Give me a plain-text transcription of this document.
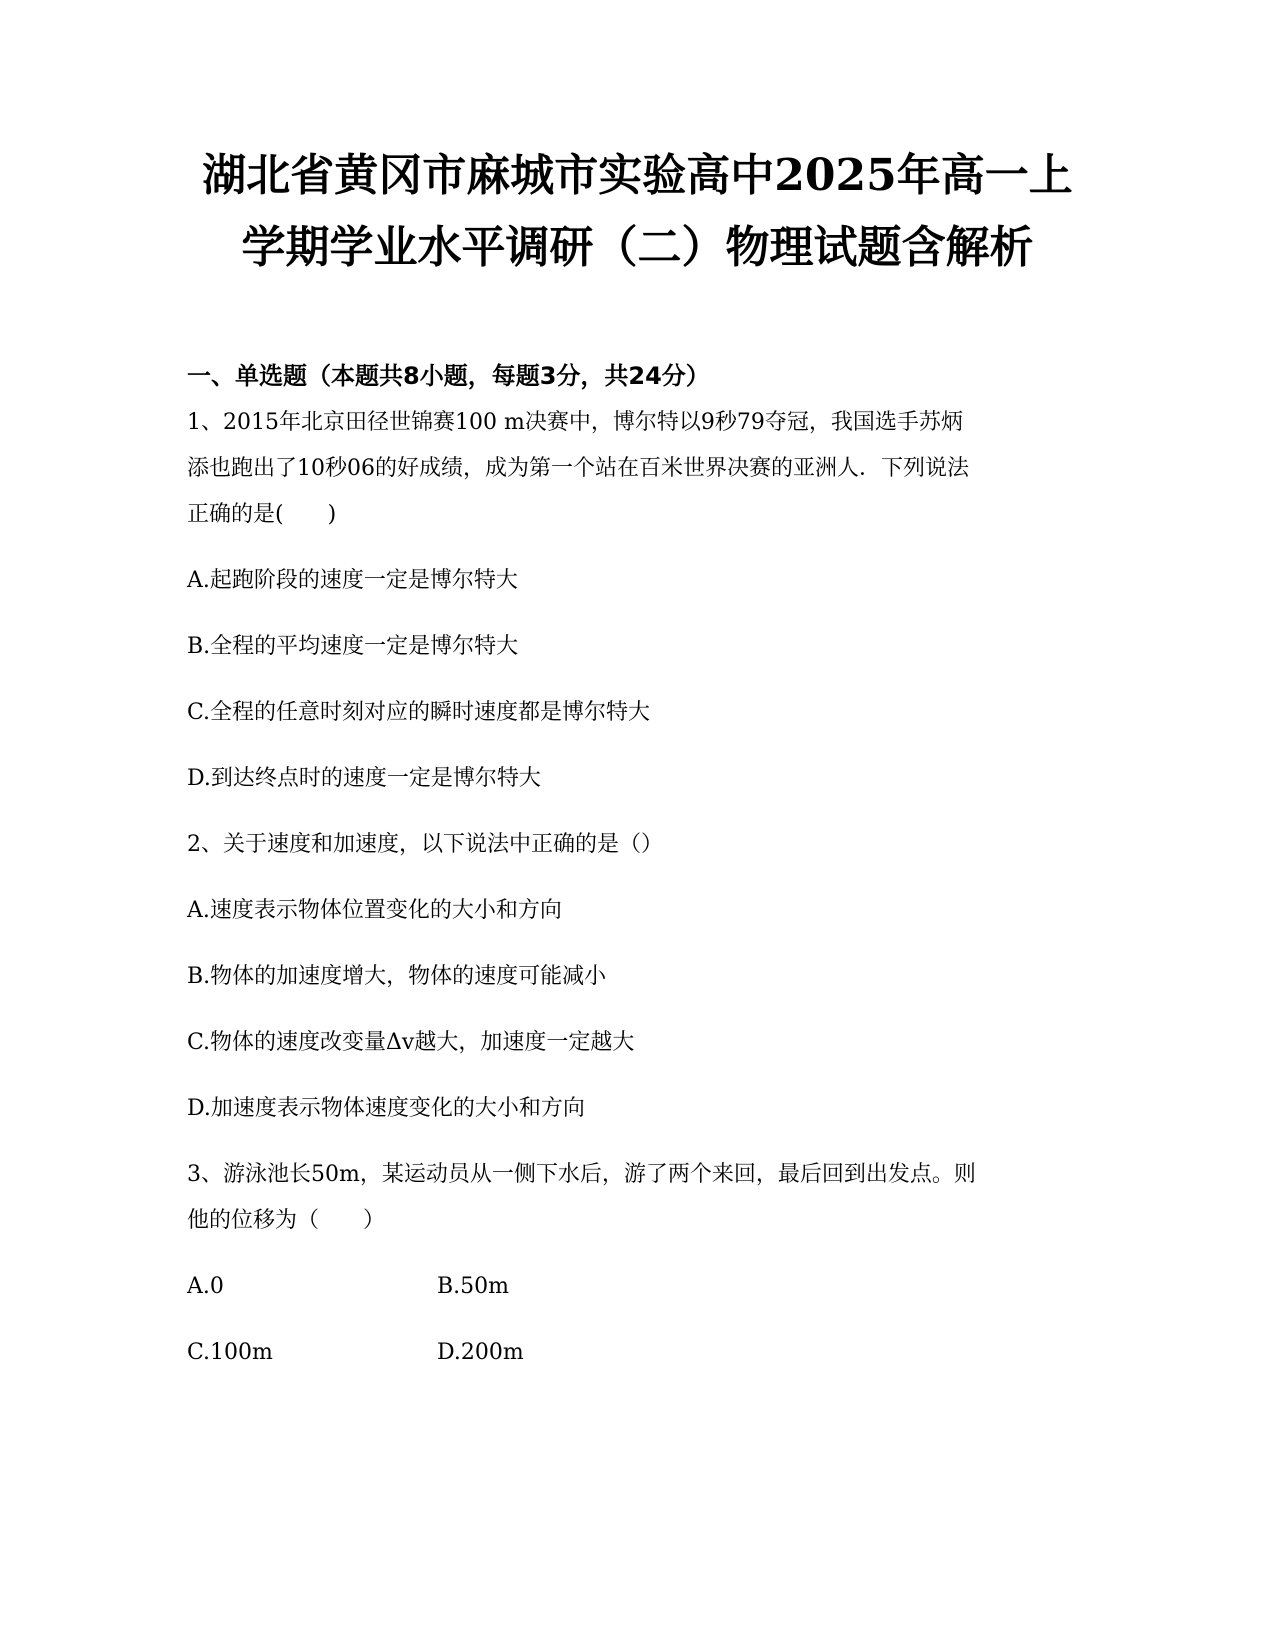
湖北省黄冈市麻城市实验高中2025年高一上
学期学业水平调研（二）物理试题含解析
一、单选题（本题共8小题，每题3分，共24分）
1、2015年北京田径世锦赛100 m决赛中，博尔特以9秒79夺冠，我国选手苏炳
添也跑出了10秒06的好成绩，成为第一个站在百米世界决赛的亚洲人．下列说法
正确的是(　　)
A.起跑阶段的速度一定是博尔特大
B.全程的平均速度一定是博尔特大
C.全程的任意时刻对应的瞬时速度都是博尔特大
D.到达终点时的速度一定是博尔特大
2、关于速度和加速度，以下说法中正确的是（）
A.速度表示物体位置变化的大小和方向
B.物体的加速度增大，物体的速度可能减小
C.物体的速度改变量Δv越大，加速度一定越大
D.加速度表示物体速度变化的大小和方向
3、游泳池长50m，某运动员从一侧下水后，游了两个来回，最后回到出发点。则
他的位移为（　　）
A.0	B.50m
C.100m	D.200m
